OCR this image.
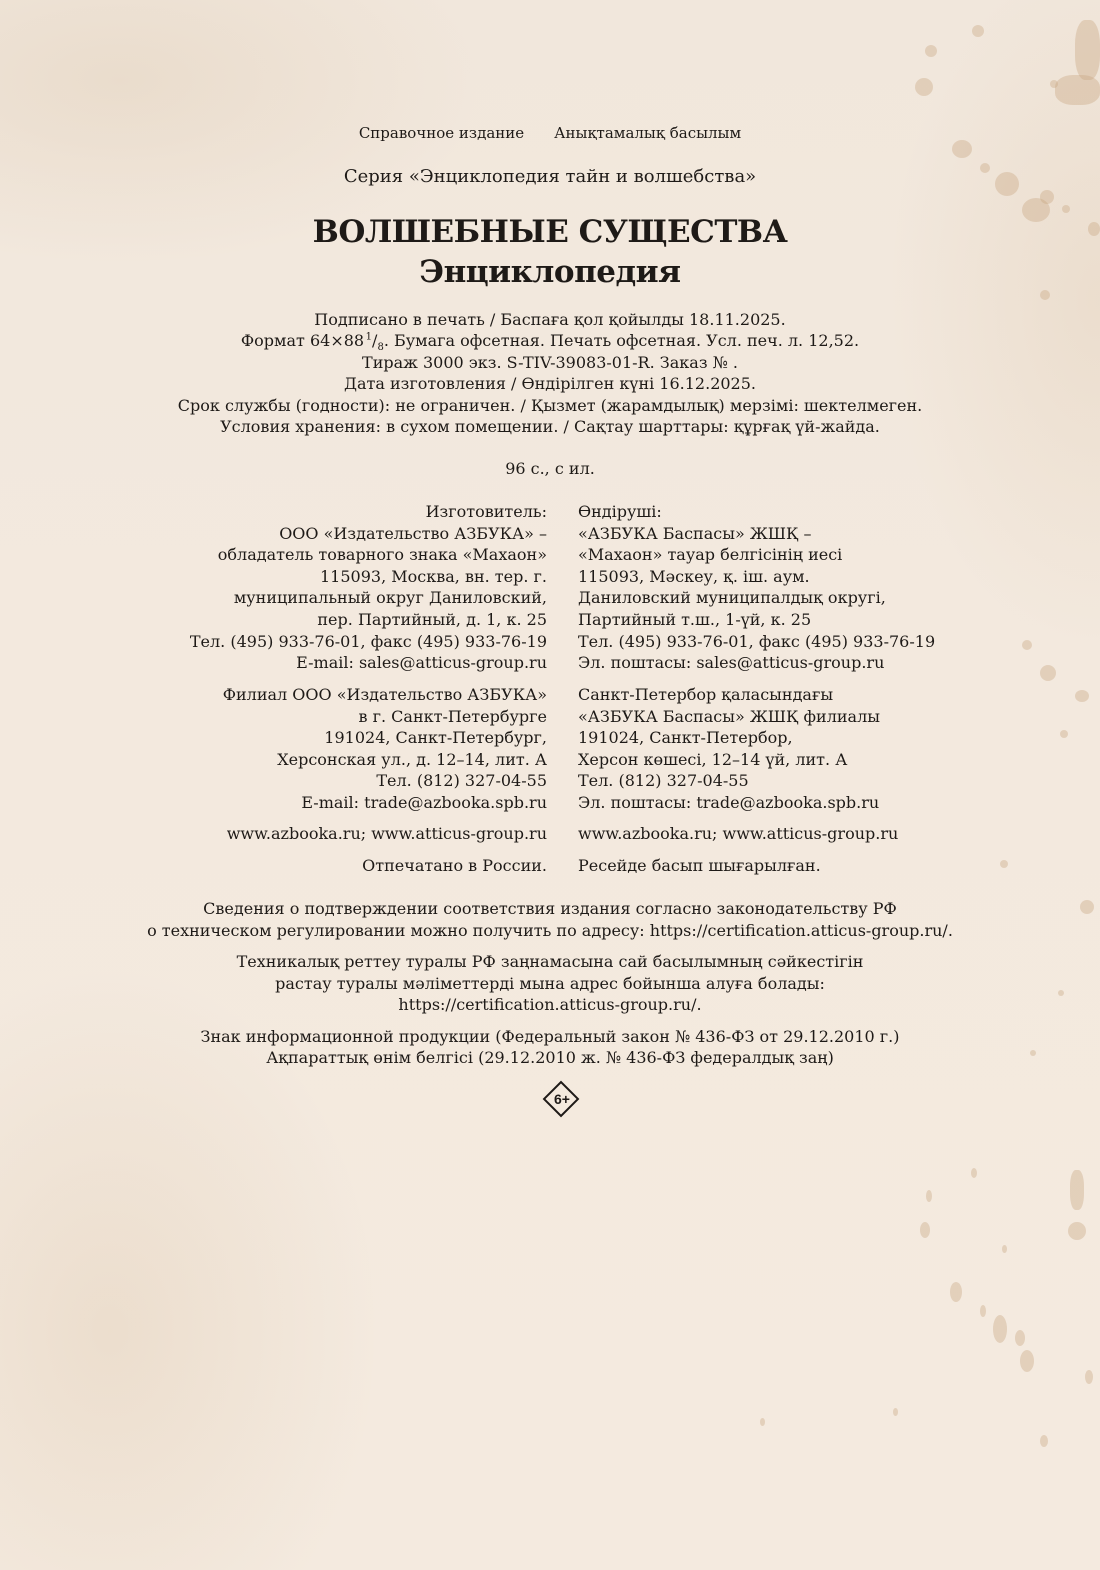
Справочное издание Анықтамалық басылым
Серия «Энциклопедия тайн и волшебства»
ВОЛШЕБНЫЕ СУЩЕСТВА
Энциклопедия
Подписано в печать / Баспаға қол қойылды 18.11.2025.
Формат 64×88  $^1/_8$. Бумага офсетная. Печать офсетная. Усл. печ. л. 12,52.
Тираж 3000 экз. S-TIV-39083-01-R. Заказ № .
Дата изготовления / Өндірілген күні 16.12.2025.
Срок службы (годности): не ограничен. / Қызмет (жарамдылық) мерзімі: шектелмеген.
Условия хранения: в сухом помещении. / Сақтау шарттары: құрғақ үй-жайда.
96 с., с ил.
Изготовитель:
ООО «Издательство АЗБУКА» –
обладатель товарного знака «Махаон»
115093, Москва, вн. тер. г.
муниципальный округ Даниловский,
пер. Партийный, д. 1, к. 25
Тел. (495) 933-76-01, факс (495) 933-76-19
E-mail: sales@atticus-group.ru
Өндіруші:
«АЗБУКА Баспасы» ЖШҚ –
«Махаон» тауар белгісінің иесі
115093, Мәскеу, қ. іш. аум.
Даниловский муниципалдық округі,
Партийный т.ш., 1-үй, к. 25
Тел. (495) 933-76-01, факс (495) 933-76-19
Эл. поштасы: sales@atticus-group.ru
Филиал ООО «Издательство АЗБУКА»
в г. Санкт-Петербурге
191024, Санкт-Петербург,
Херсонская ул., д. 12–14, лит. А
Тел. (812) 327-04-55
E-mail: trade@azbooka.spb.ru
Санкт-Петербор қаласындағы
«АЗБУКА Баспасы» ЖШҚ филиалы
191024, Санкт-Петербор,
Херсон көшесі, 12–14 үй, лит. А
Тел. (812) 327-04-55
Эл. поштасы: trade@azbooka.spb.ru
www.azbooka.ru; www.atticus-group.ru www.azbooka.ru; www.atticus-group.ru
Отпечатано в России. Ресейде басып шығарылған.
Сведения о подтверждении соответствия издания согласно законодательству РФ
о техническом регулировании можно получить по адресу: https://certification.atticus-group.ru/.
Техникалық реттеу туралы РФ заңнамасына сай басылымның сәйкестігін
растау туралы мәліметтерді мына адрес бойынша алуға болады:
https://certification.atticus-group.ru/.
Знак информационной продукции (Федеральный закон № 436-ФЗ от 29.12.2010 г.)
Ақпараттық өнім белгісі (29.12.2010 ж. № 436-ФЗ федералдық заң)
6+
